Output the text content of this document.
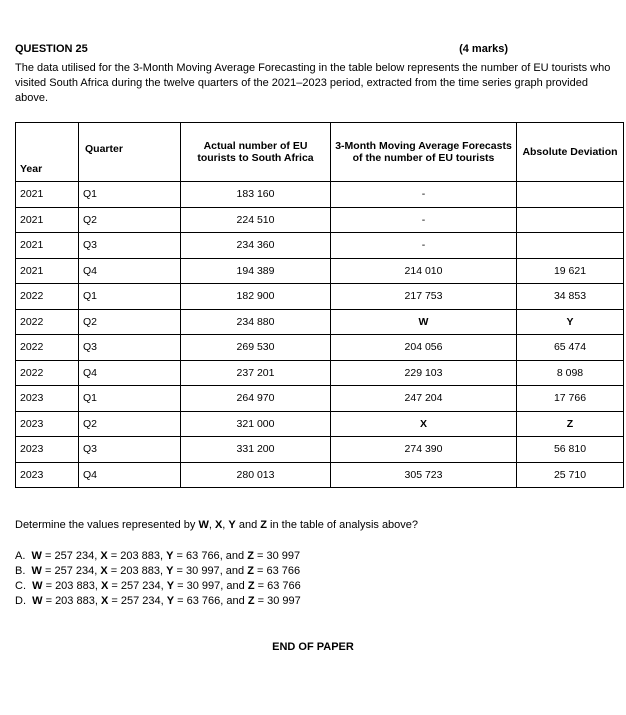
QUESTION 25	(4 marks)
The data utilised for the 3-Month Moving Average Forecasting in the table below represents the number of EU tourists who visited South Africa during the twelve quarters of the 2021–2023 period, extracted from the time series graph provided above.
Year	Quarter	Actual number of EU tourists to South Africa	3-Month Moving Average Forecasts of the number of EU tourists	Absolute Deviation
2021	Q1	183 160	-	
2021	Q2	224 510	-	
2021	Q3	234 360	-	
2021	Q4	194 389	214 010	19 621
2022	Q1	182 900	217 753	34 853
2022	Q2	234 880	W	Y
2022	Q3	269 530	204 056	65 474
2022	Q4	237 201	229 103	8 098
2023	Q1	264 970	247 204	17 766
2023	Q2	321 000	X	Z
2023	Q3	331 200	274 390	56 810
2023	Q4	280 013	305 723	25 710
Determine the values represented by W, X, Y and Z in the table of analysis above?
A. W = 257 234, X = 203 883, Y = 63 766, and Z = 30 997
B. W = 257 234, X = 203 883, Y = 30 997, and Z = 63 766
C. W = 203 883, X = 257 234, Y = 30 997, and Z = 63 766
D. W = 203 883, X = 257 234, Y = 63 766, and Z = 30 997
END OF PAPER
